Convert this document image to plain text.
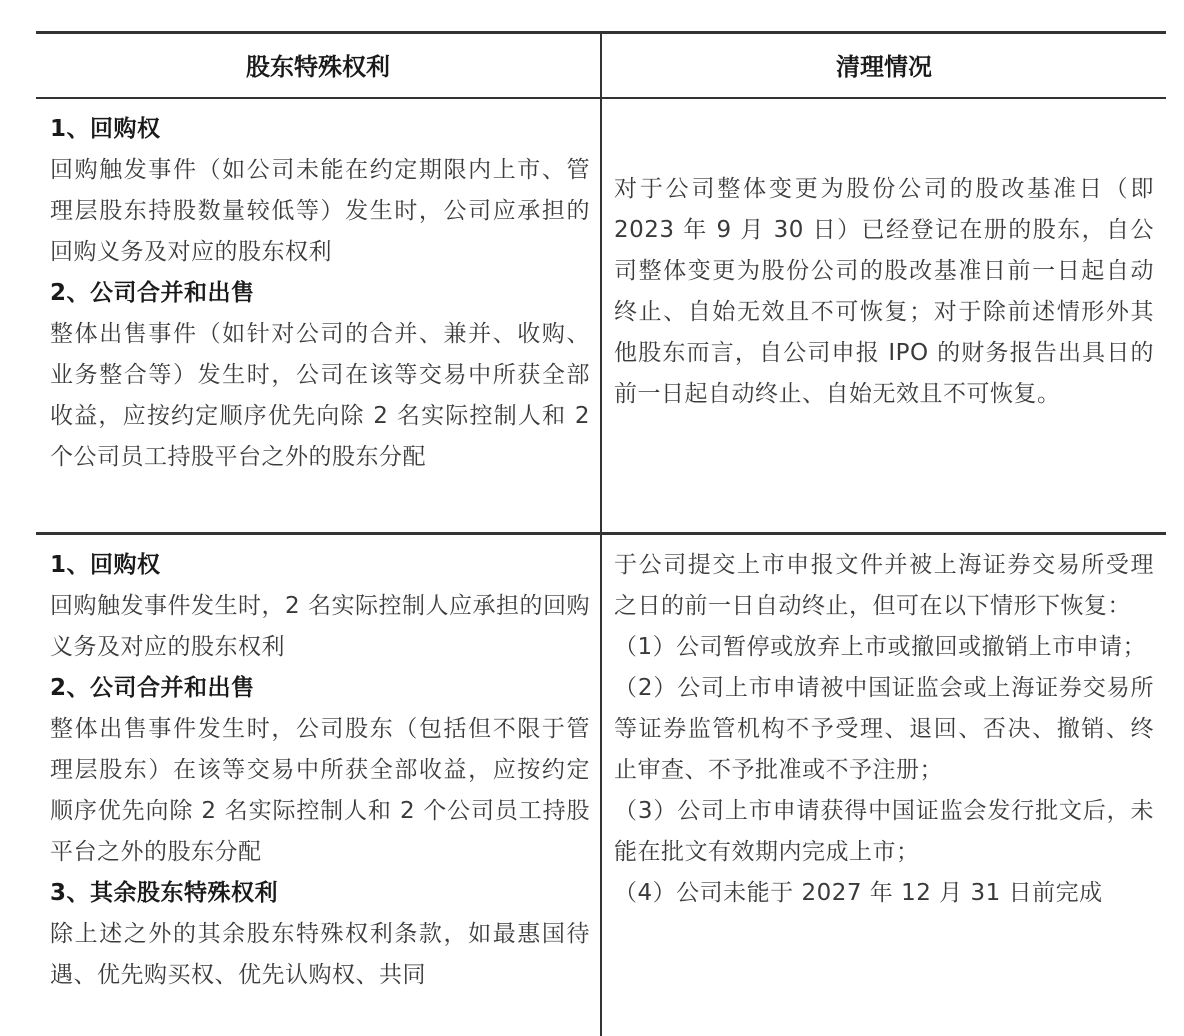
股东特殊权利	清理情况

1、回购权

回购触发事件（如公司未能在约定期限内上市、管理层股东持股数量较低等）发生时，公司应承担的回购义务及对应的股东权利

2、公司合并和出售

整体出售事件（如针对公司的合并、兼并、收购、业务整合等）发生时，公司在该等交易中所获全部收益，应按约定顺序优先向除 2 名实际控制人和 2 个公司员工持股平台之外的股东分配

对于公司整体变更为股份公司的股改基准日（即 2023 年 9 月 30 日）已经登记在册的股东，自公司整体变更为股份公司的股改基准日前一日起自动终止、自始无效且不可恢复；对于除前述情形外其他股东而言，自公司申报 IPO 的财务报告出具日的前一日起自动终止、自始无效且不可恢复。

1、回购权

回购触发事件发生时，2 名实际控制人应承担的回购义务及对应的股东权利

2、公司合并和出售

整体出售事件发生时，公司股东（包括但不限于管理层股东）在该等交易中所获全部收益，应按约定顺序优先向除 2 名实际控制人和 2 个公司员工持股平台之外的股东分配

3、其余股东特殊权利

除上述之外的其余股东特殊权利条款，如最惠国待遇、优先购买权、优先认购权、共同

于公司提交上市申报文件并被上海证券交易所受理之日的前一日自动终止，但可在以下情形下恢复：

（1）公司暂停或放弃上市或撤回或撤销上市申请；

（2）公司上市申请被中国证监会或上海证券交易所等证券监管机构不予受理、退回、否决、撤销、终止审查、不予批准或不予注册；

（3）公司上市申请获得中国证监会发行批文后，未能在批文有效期内完成上市；

（4）公司未能于 2027 年 12 月 31 日前完成
